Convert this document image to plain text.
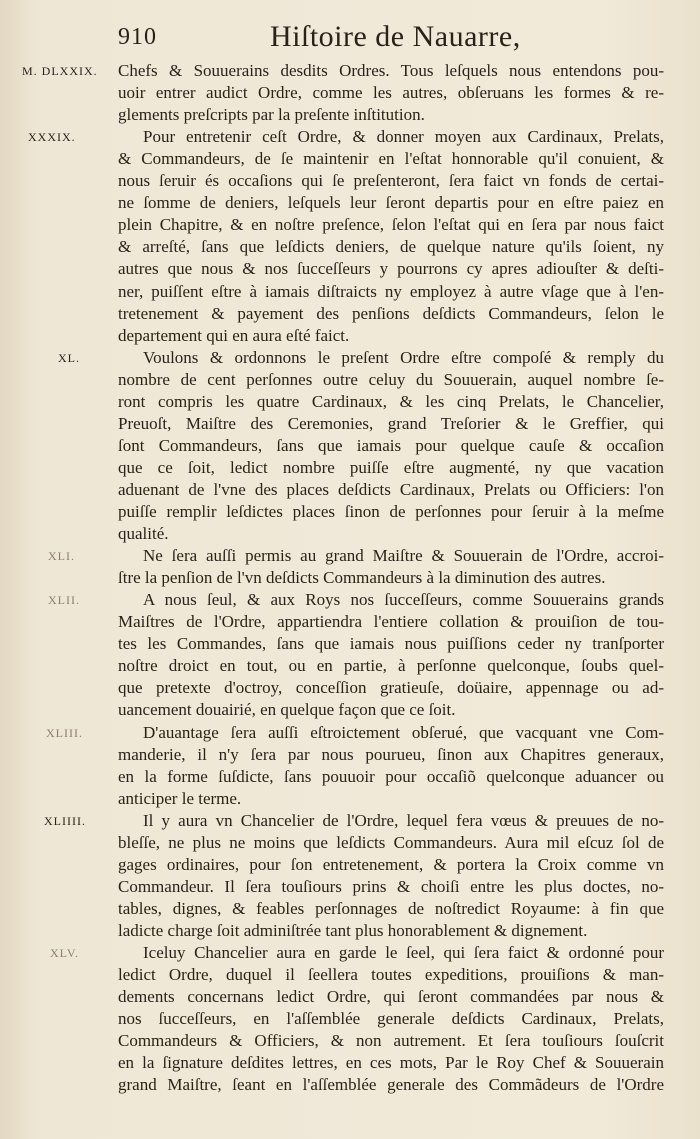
910	Hiſtoire de Nauarre,
Chefs & Souuerains desdits Ordres. Tous leſquels nous entendons pou-
uoir entrer audict Ordre, comme les autres, obſeruans les formes & re-
glements preſcripts par la preſente inſtitution.
Pour entretenir ceſt Ordre, & donner moyen aux Cardinaux, Prelats,
& Commandeurs, de ſe maintenir en l'eſtat honnorable qu'il conuient, &
nous ſeruir és occaſions qui ſe preſenteront, ſera faict vn fonds de certai-
ne ſomme de deniers, leſquels leur ſeront departis pour en eſtre paiez en
plein Chapitre, & en noſtre preſence, ſelon l'eſtat qui en ſera par nous faict
& arreſté, ſans que leſdicts deniers, de quelque nature qu'ils ſoient, ny
autres que nous & nos ſucceſſeurs y pourrons cy apres adiouſter & deſti-
ner, puiſſent eſtre à iamais diſtraicts ny employez à autre vſage que à l'en-
tretenement & payement des penſions deſdicts Commandeurs, ſelon le
departement qui en aura eſté faict.
Voulons & ordonnons le preſent Ordre eſtre compoſé & remply du
nombre de cent perſonnes outre celuy du Souuerain, auquel nombre ſe-
ront compris les quatre Cardinaux, & les cinq Prelats, le Chancelier,
Preuoſt, Maiſtre des Ceremonies, grand Treſorier & le Greffier, qui
ſont Commandeurs, ſans que iamais pour quelque cauſe & occaſion
que ce ſoit, ledict nombre puiſſe eſtre augmenté, ny que vacation
aduenant de l'vne des places deſdicts Cardinaux, Prelats ou Officiers: l'on
puiſſe remplir leſdictes places ſinon de perſonnes pour ſeruir à la meſme
qualité.
Ne ſera auſſi permis au grand Maiſtre & Souuerain de l'Ordre, accroi-
ſtre la penſion de l'vn deſdicts Commandeurs à la diminution des autres.
A nous ſeul, & aux Roys nos ſucceſſeurs, comme Souuerains grands
Maiſtres de l'Ordre, appartiendra l'entiere collation & prouiſion de tou-
tes les Commandes, ſans que iamais nous puiſſions ceder ny tranſporter
noſtre droict en tout, ou en partie, à perſonne quelconque, ſoubs quel-
que pretexte d'octroy, conceſſion gratieuſe, doüaire, appennage ou ad-
uancement douairié, en quelque façon que ce ſoit.
D'auantage ſera auſſi eſtroictement obſerué, que vacquant vne Com-
manderie, il n'y ſera par nous pourueu, ſinon aux Chapitres generaux,
en la forme ſuſdicte, ſans pouuoir pour occaſiõ quelconque aduancer ou
anticiper le terme.
Il y aura vn Chancelier de l'Ordre, lequel fera vœus & preuues de no-
bleſſe, ne plus ne moins que leſdicts Commandeurs. Aura mil eſcuz ſol de
gages ordinaires, pour ſon entretenement, & portera la Croix comme vn
Commandeur. Il ſera touſiours prins & choiſi entre les plus doctes, no-
tables, dignes, & feables perſonnages de noſtredict Royaume: à fin que
ladicte charge ſoit adminiſtrée tant plus honorablement & dignement.
Iceluy Chancelier aura en garde le ſeel, qui ſera faict & ordonné pour
ledict Ordre, duquel il ſeellera toutes expeditions, prouiſions & man-
dements concernans ledict Ordre, qui ſeront commandées par nous &
nos ſucceſſeurs, en l'aſſemblée generale deſdicts Cardinaux, Prelats,
Commandeurs & Officiers, & non autrement. Et ſera touſiours ſouſcrit
en la ſignature deſdites lettres, en ces mots, Par le Roy Chef & Souuerain
grand Maiſtre, ſeant en l'aſſemblée generale des Commãdeurs de l'Ordre
M. DLXXIX.
XXXIX.
XL.
XLI.
XLII.
XLIII.
XLIIII.
XLV.
